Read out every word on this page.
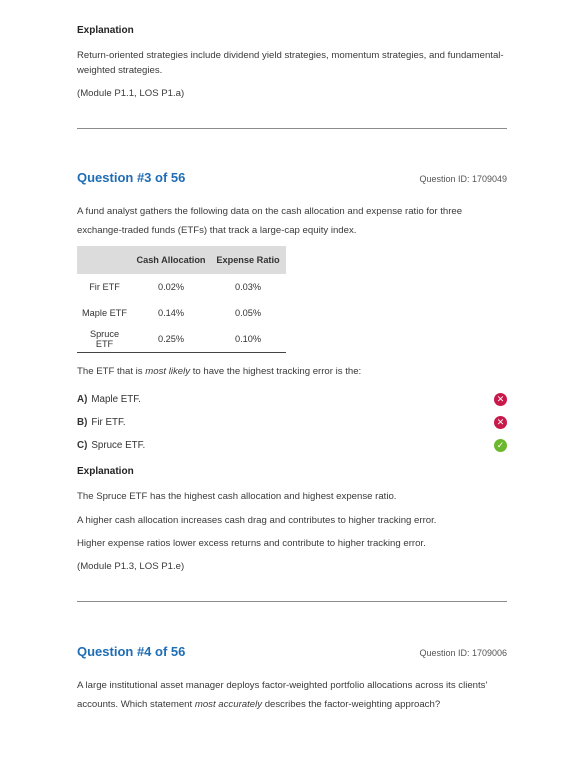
Explanation

Return-oriented strategies include dividend yield strategies, momentum strategies, and fundamental-weighted strategies.

(Module P1.1, LOS P1.a)

Question #3 of 56	Question ID: 1709049

A fund analyst gathers the following data on the cash allocation and expense ratio for three exchange-traded funds (ETFs) that track a large-cap equity index.

	Cash Allocation	Expense Ratio
Fir ETF	0.02%	0.03%
Maple ETF	0.14%	0.05%
Spruce ETF	0.25%	0.10%

The ETF that is most likely to have the highest tracking error is the:

A) Maple ETF.	✕
B) Fir ETF.	✕
C) Spruce ETF.	✓

Explanation

The Spruce ETF has the highest cash allocation and highest expense ratio.

A higher cash allocation increases cash drag and contributes to higher tracking error.

Higher expense ratios lower excess returns and contribute to higher tracking error.

(Module P1.3, LOS P1.e)

Question #4 of 56	Question ID: 1709006

A large institutional asset manager deploys factor-weighted portfolio allocations across its clients' accounts. Which statement most accurately describes the factor-weighting approach?
